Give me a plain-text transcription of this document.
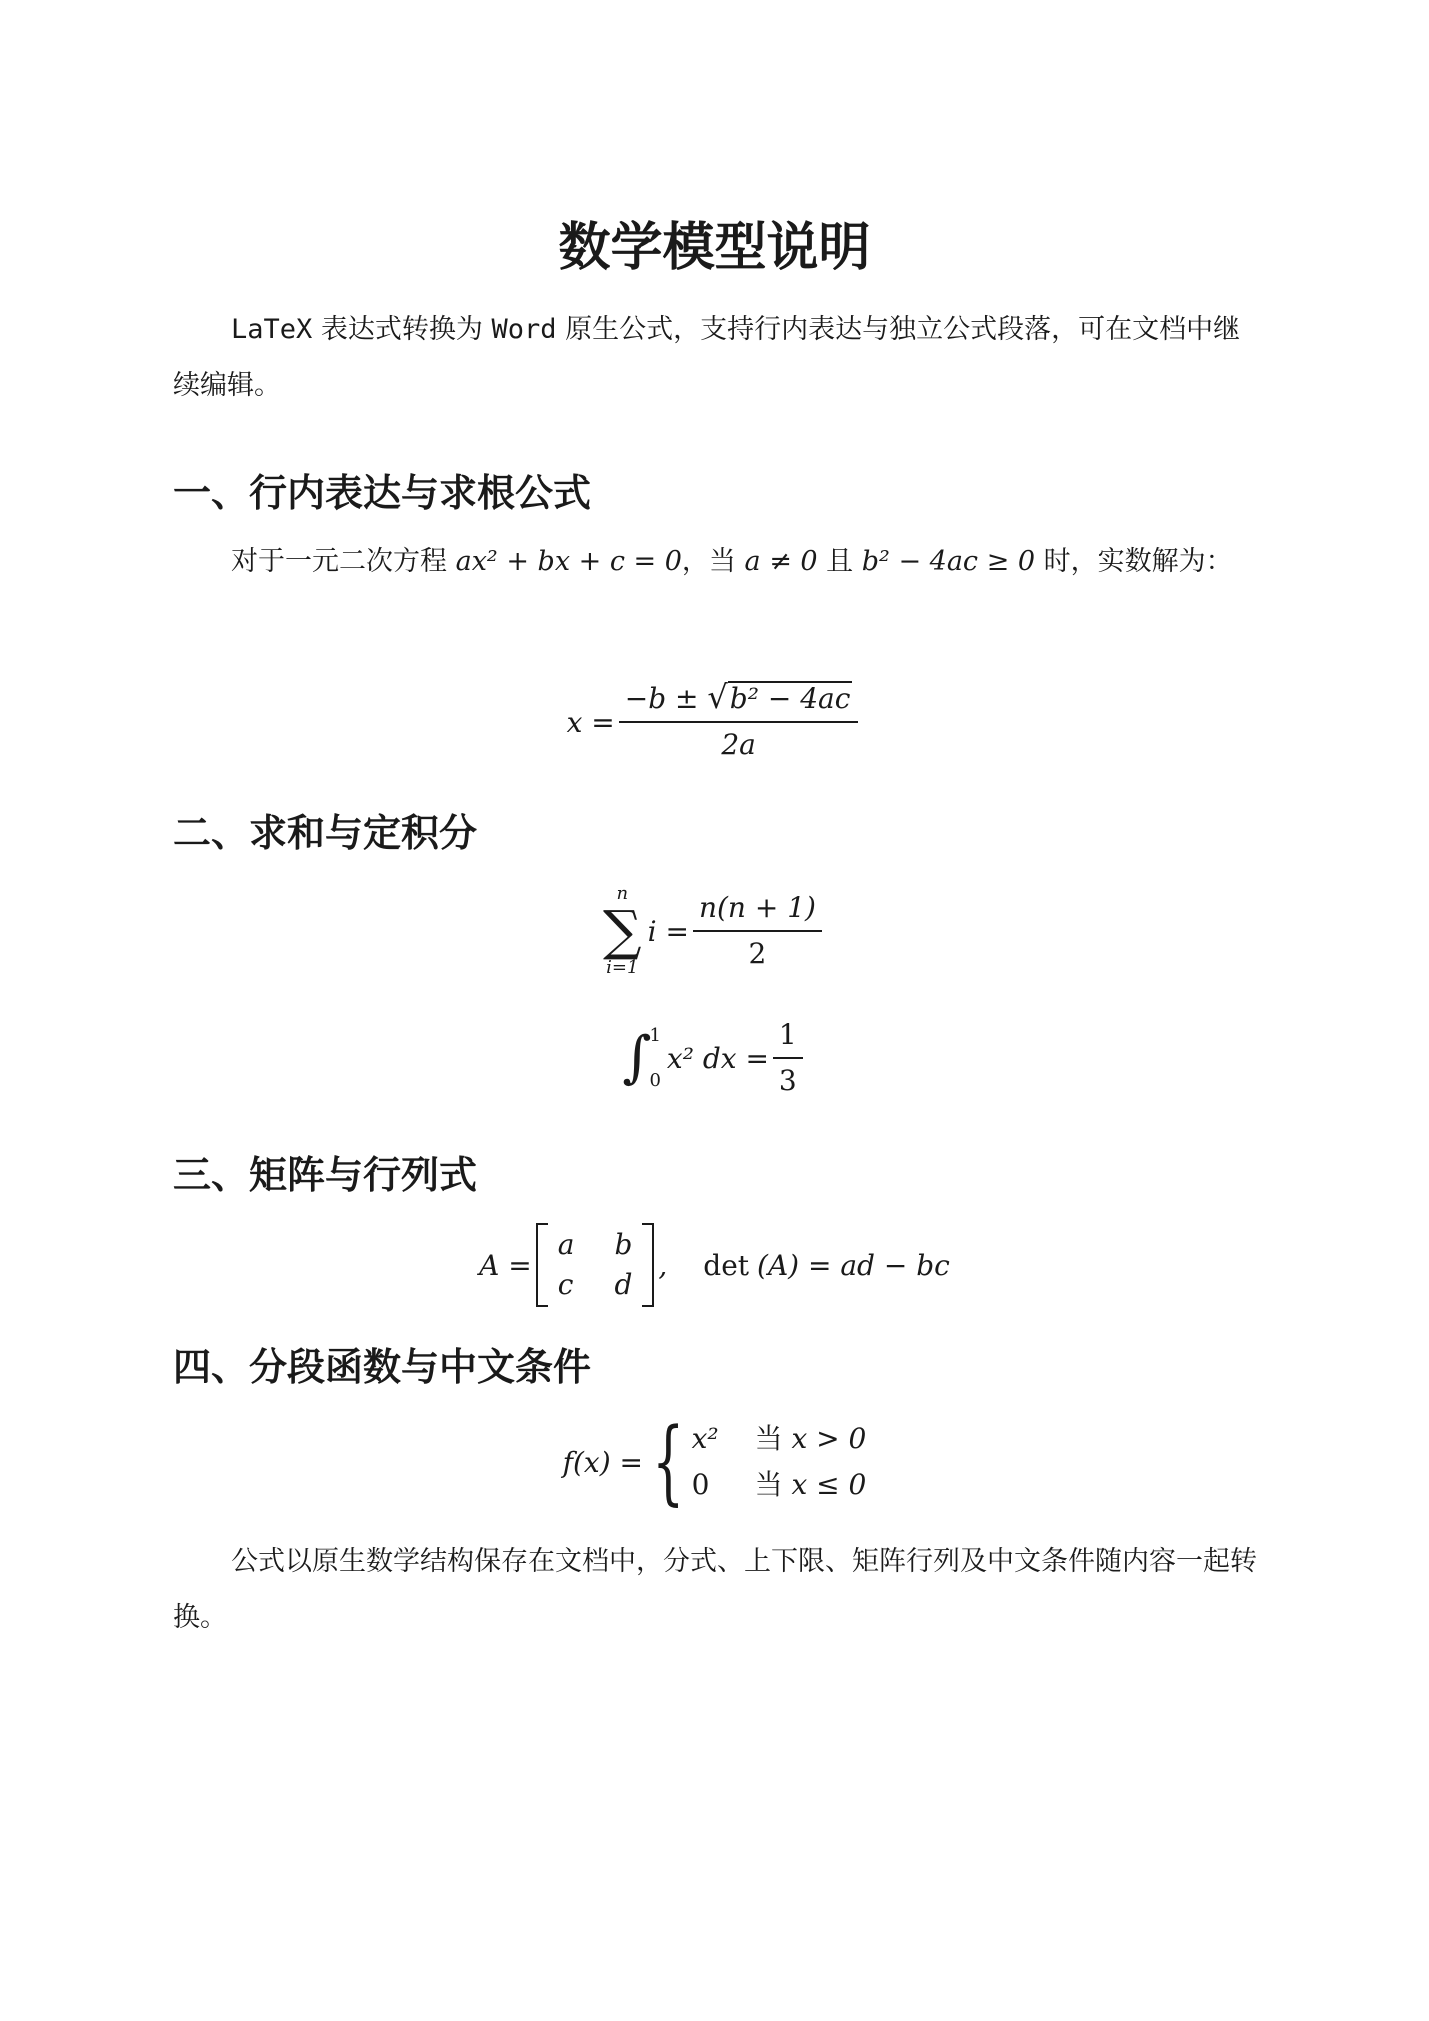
数学模型说明

LaTeX 表达式转换为 Word 原生公式，支持行内表达与独立公式段落，可在文档中继续编辑。

一、行内表达与求根公式

对于一元二次方程 ax² + bx + c = 0，当 a ≠ 0 且 b² − 4ac ≥ 0 时，实数解为：

$x = \frac{\text{−b ± √ b² − 4ac}}{2a}$
二、求和与定积分
n
∑
i=1
$i = \frac{n(n + 1)}{2}$
∫
1
0
x² dx = $\frac{1}{3}$
三、矩阵与行列式
A =
a b
c d
, det (A) = ad − bc
四、分段函数与中文条件
f(x) = { x² 当 x > 0
0	当 x ≤ 0

公式以原生数学结构保存在文档中，分式、上下限、矩阵行列及中文条件随内容一起转换。
